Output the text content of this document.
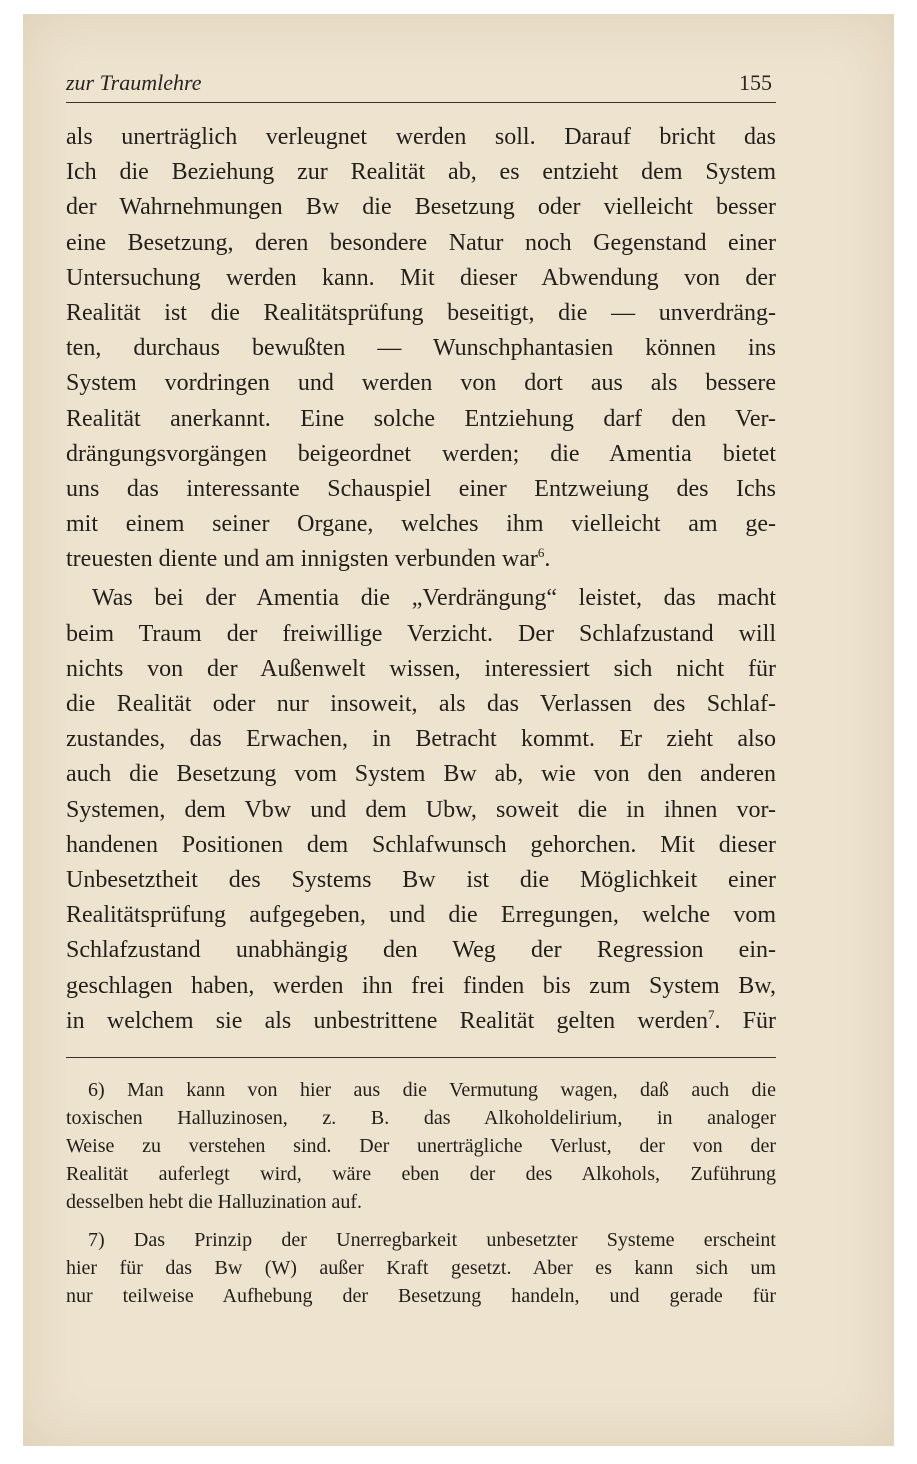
zur Traumlehre	155
als unerträglich verleugnet werden soll. Darauf bricht das
Ich die Beziehung zur Realität ab, es entzieht dem System
der Wahrnehmungen Bw die Besetzung oder vielleicht besser
eine Besetzung, deren besondere Natur noch Gegenstand einer
Untersuchung werden kann. Mit dieser Abwendung von der
Realität ist die Realitätsprüfung beseitigt, die — unverdräng-
ten, durchaus bewußten — Wunschphantasien können ins
System vordringen und werden von dort aus als bessere
Realität anerkannt. Eine solche Entziehung darf den Ver-
drängungsvorgängen beigeordnet werden; die Amentia bietet
uns das interessante Schauspiel einer Entzweiung des Ichs
mit einem seiner Organe, welches ihm vielleicht am ge-
treuesten diente und am innigsten verbunden war$^6$.
Was bei der Amentia die „Verdrängung“ leistet, das macht
beim Traum der freiwillige Verzicht. Der Schlafzustand will
nichts von der Außenwelt wissen, interessiert sich nicht für
die Realität oder nur insoweit, als das Verlassen des Schlaf-
zustandes, das Erwachen, in Betracht kommt. Er zieht also
auch die Besetzung vom System Bw ab, wie von den anderen
Systemen, dem Vbw und dem Ubw, soweit die in ihnen vor-
handenen Positionen dem Schlafwunsch gehorchen. Mit dieser
Unbesetztheit des Systems Bw ist die Möglichkeit einer
Realitätsprüfung aufgegeben, und die Erregungen, welche vom
Schlafzustand unabhängig den Weg der Regression ein-
geschlagen haben, werden ihn frei finden bis zum System Bw,
in welchem sie als unbestrittene Realität gelten werden$^7$. Für
6) Man kann von hier aus die Vermutung wagen, daß auch die
toxischen Halluzinosen, z. B. das Alkoholdelirium, in analoger
Weise zu verstehen sind. Der unerträgliche Verlust, der von der
Realität auferlegt wird, wäre eben der des Alkohols, Zuführung
desselben hebt die Halluzination auf.
7) Das Prinzip der Unerregbarkeit unbesetzter Systeme erscheint
hier für das Bw (W) außer Kraft gesetzt. Aber es kann sich um
nur teilweise Aufhebung der Besetzung handeln, und gerade für
